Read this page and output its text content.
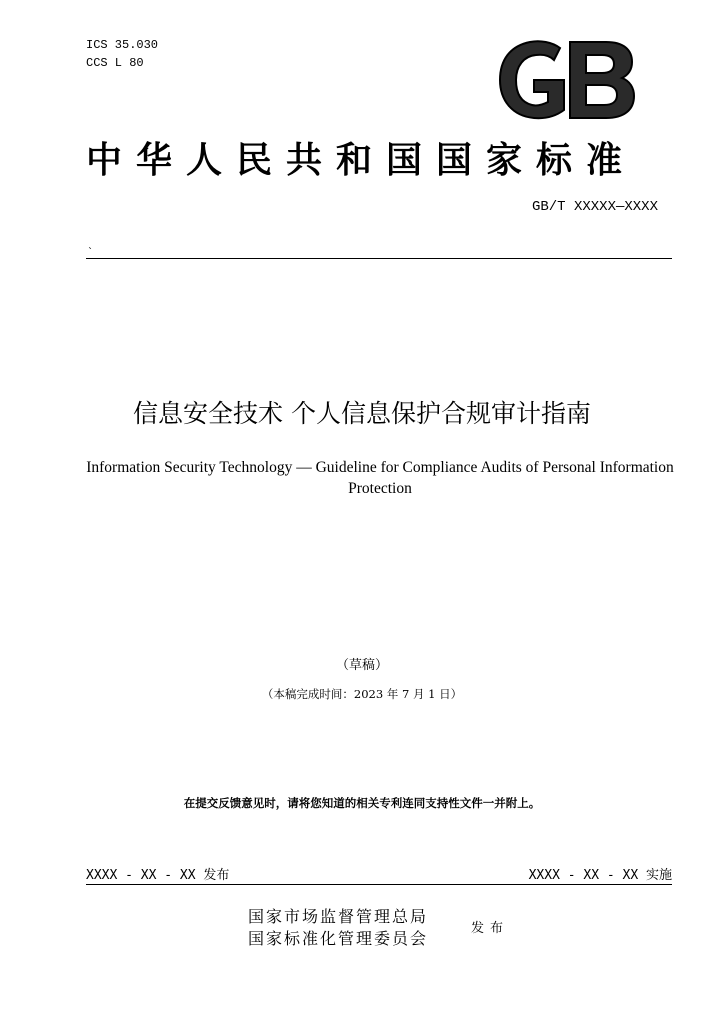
ICS 35.030
CCS L 80
中华人民共和国国家标准
GB/T XXXXX—XXXX
`
信息安全技术 个人信息保护合规审计指南
Information Security Technology — Guideline for Compliance Audits of Personal Information Protection
（草稿）
（本稿完成时间：2023 年 7 月 1 日）
在提交反馈意见时，请将您知道的相关专利连同支持性文件一并附上。
XXXX - XX - XX 发布	XXXX - XX - XX 实施
国家市场监督管理总局
国家标准化管理委员会
发布
